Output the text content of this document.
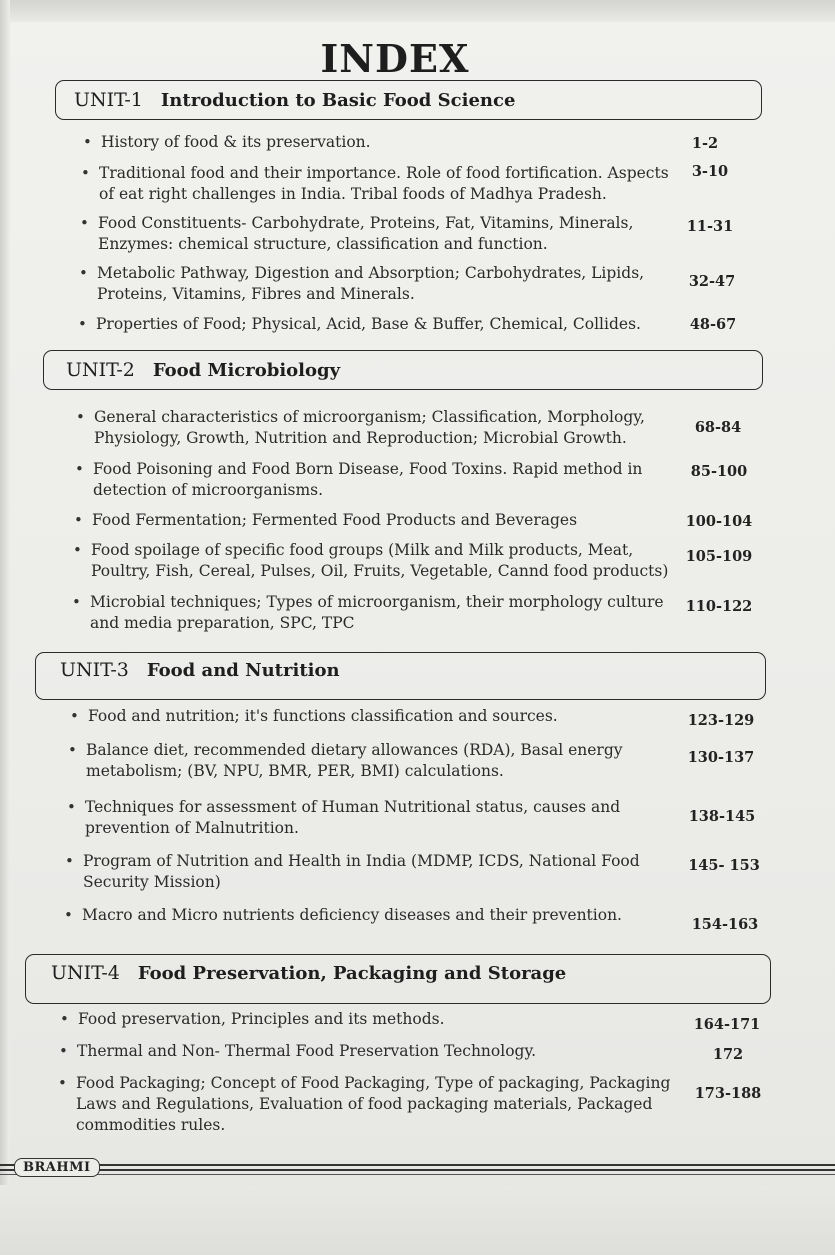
INDEX
UNIT-1 Introduction to Basic Food Science
• History of food & its preservation.	1-2
• Traditional food and their importance. Role of food fortification. Aspects
of eat right challenges in India. Tribal foods of Madhya Pradesh.
3-10
• Food Constituents- Carbohydrate, Proteins, Fat, Vitamins, Minerals,
Enzymes: chemical structure, classification and function.
11-31
• Metabolic Pathway, Digestion and Absorption; Carbohydrates, Lipids,
Proteins, Vitamins, Fibres and Minerals.
32-47
• Properties of Food; Physical, Acid, Base & Buffer, Chemical, Collides.	48-67
UNIT-2 Food Microbiology
• General characteristics of microorganism; Classification, Morphology,
Physiology, Growth, Nutrition and Reproduction; Microbial Growth.
68-84
• Food Poisoning and Food Born Disease, Food Toxins. Rapid method in
detection of microorganisms.
85-100
• Food Fermentation; Fermented Food Products and Beverages	100-104
• Food spoilage of specific food groups (Milk and Milk products, Meat,
Poultry, Fish, Cereal, Pulses, Oil, Fruits, Vegetable, Cannd food products)
105-109
• Microbial techniques; Types of microorganism, their morphology culture
and media preparation, SPC, TPC
110-122
UNIT-3 Food and Nutrition
• Food and nutrition; it's functions classification and sources.	123-129
• Balance diet, recommended dietary allowances (RDA), Basal energy
metabolism; (BV, NPU, BMR, PER, BMI) calculations.
130-137
• Techniques for assessment of Human Nutritional status, causes and
prevention of Malnutrition.
138-145
• Program of Nutrition and Health in India (MDMP, ICDS, National Food
Security Mission)
145- 153
• Macro and Micro nutrients deficiency diseases and their prevention.
154-163
UNIT-4 Food Preservation, Packaging and Storage
• Food preservation, Principles and its methods.	164-171
• Thermal and Non- Thermal Food Preservation Technology.	172
• Food Packaging; Concept of Food Packaging, Type of packaging, Packaging
Laws and Regulations, Evaluation of food packaging materials, Packaged
commodities rules.
173-188
BRAHMI
